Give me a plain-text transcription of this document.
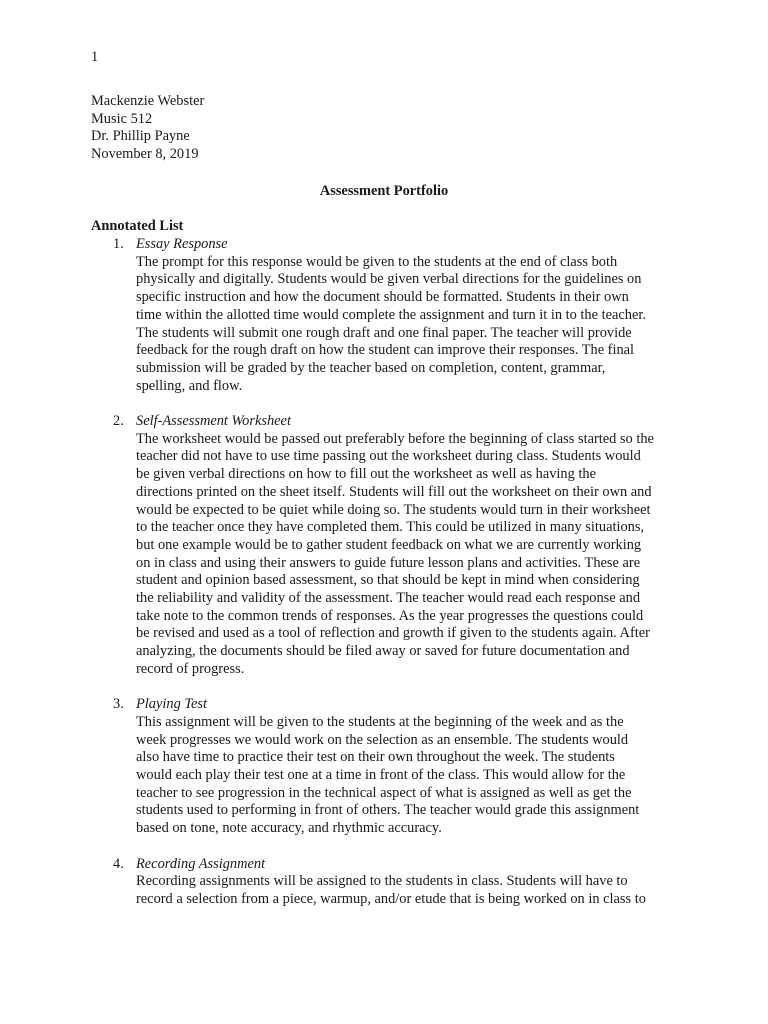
1
Mackenzie Webster
Music 512
Dr. Phillip Payne
November 8, 2019
Assessment Portfolio
Annotated List
1. Essay Response
The prompt for this response would be given to the students at the end of class both
physically and digitally. Students would be given verbal directions for the guidelines on
specific instruction and how the document should be formatted. Students in their own
time within the allotted time would complete the assignment and turn it in to the teacher.
The students will submit one rough draft and one final paper. The teacher will provide
feedback for the rough draft on how the student can improve their responses. The final
submission will be graded by the teacher based on completion, content, grammar,
spelling, and flow.
2. Self-Assessment Worksheet
The worksheet would be passed out preferably before the beginning of class started so the
teacher did not have to use time passing out the worksheet during class. Students would
be given verbal directions on how to fill out the worksheet as well as having the
directions printed on the sheet itself. Students will fill out the worksheet on their own and
would be expected to be quiet while doing so. The students would turn in their worksheet
to the teacher once they have completed them. This could be utilized in many situations,
but one example would be to gather student feedback on what we are currently working
on in class and using their answers to guide future lesson plans and activities. These are
student and opinion based assessment, so that should be kept in mind when considering
the reliability and validity of the assessment. The teacher would read each response and
take note to the common trends of responses. As the year progresses the questions could
be revised and used as a tool of reflection and growth if given to the students again. After
analyzing, the documents should be filed away or saved for future documentation and
record of progress.
3. Playing Test
This assignment will be given to the students at the beginning of the week and as the
week progresses we would work on the selection as an ensemble. The students would
also have time to practice their test on their own throughout the week. The students
would each play their test one at a time in front of the class. This would allow for the
teacher to see progression in the technical aspect of what is assigned as well as get the
students used to performing in front of others. The teacher would grade this assignment
based on tone, note accuracy, and rhythmic accuracy.
4. Recording Assignment
Recording assignments will be assigned to the students in class. Students will have to
record a selection from a piece, warmup, and/or etude that is being worked on in class to
